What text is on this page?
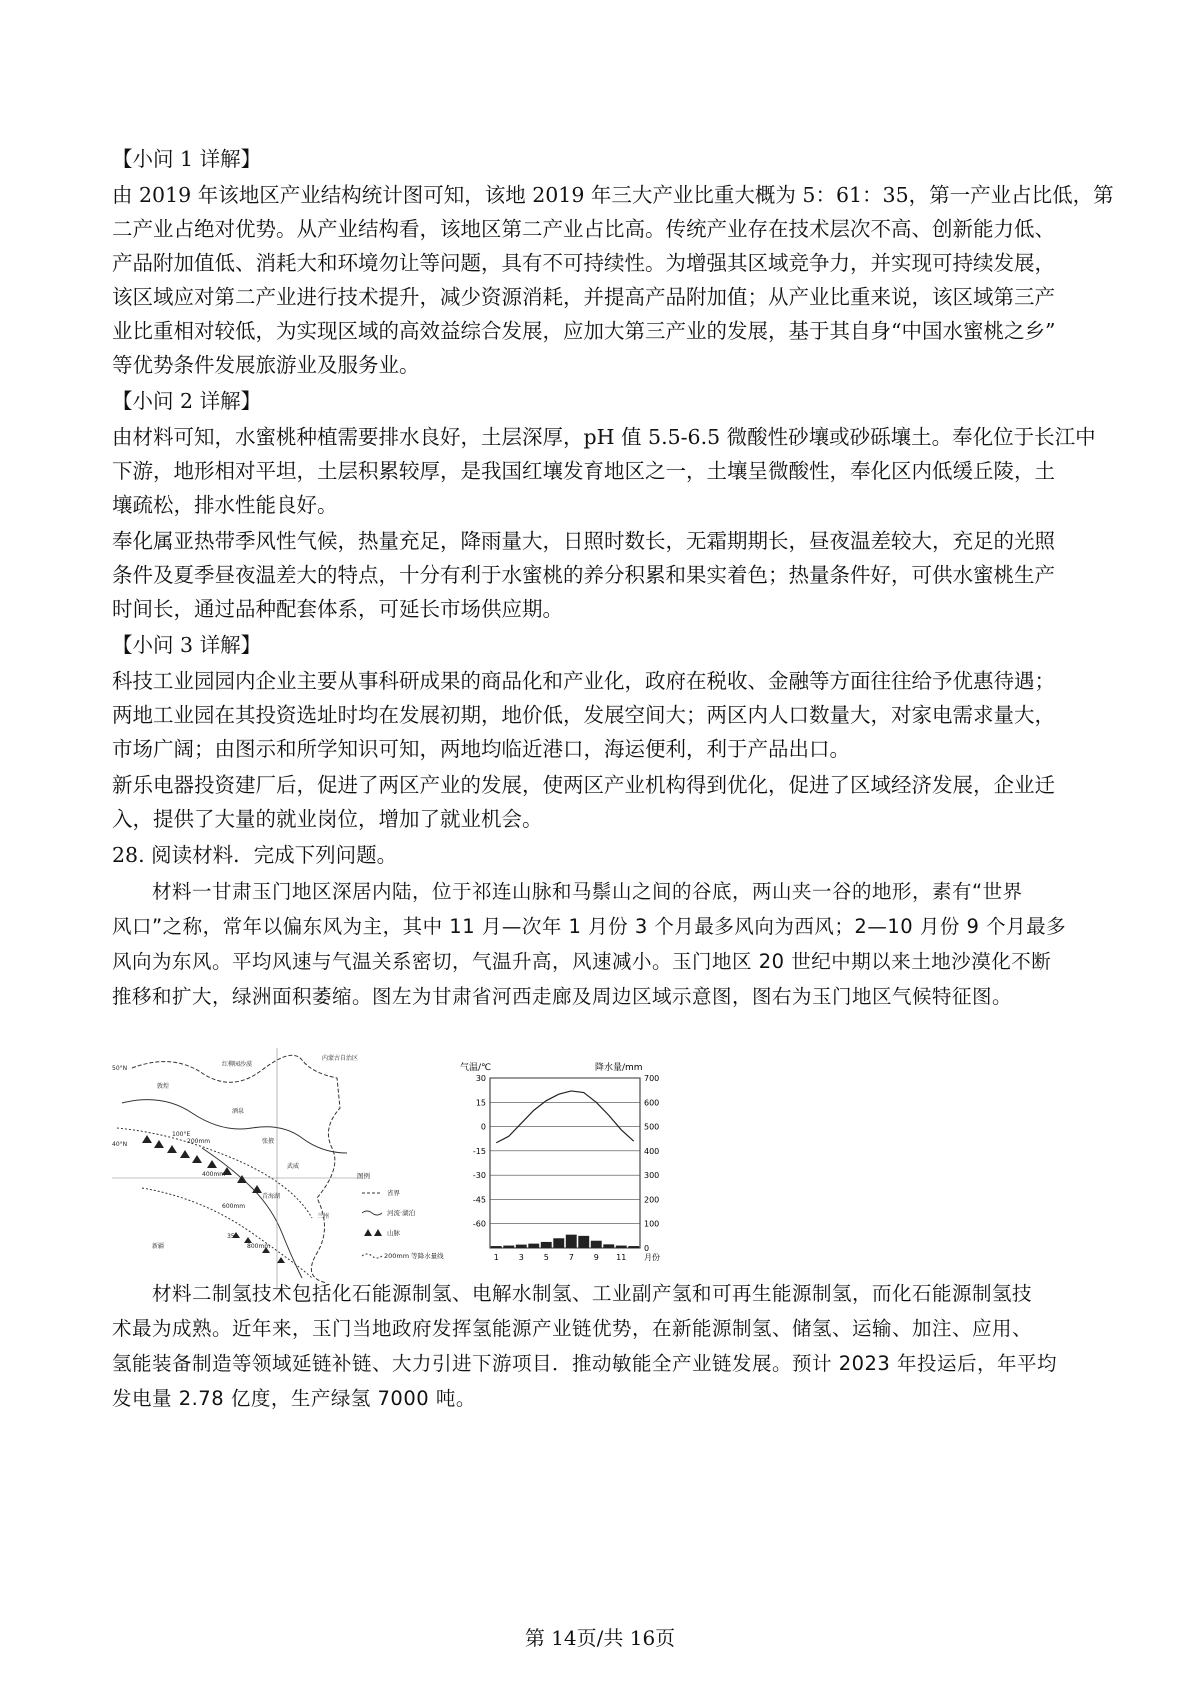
【小问 1 详解】
由 2019 年该地区产业结构统计图可知，该地 2019 年三大产业比重大概为 5：61：35，第一产业占比低，第
二产业占绝对优势。从产业结构看，该地区第二产业占比高。传统产业存在技术层次不高、创新能力低、
产品附加值低、消耗大和环境勿让等问题，具有不可持续性。为增强其区域竞争力，并实现可持续发展，
该区域应对第二产业进行技术提升，减少资源消耗，并提高产品附加值；从产业比重来说，该区域第三产
业比重相对较低，为实现区域的高效益综合发展，应加大第三产业的发展，基于其自身“中国水蜜桃之乡”
等优势条件发展旅游业及服务业。
【小问 2 详解】
由材料可知，水蜜桃种植需要排水良好，土层深厚，pH 值 5.5-6.5 微酸性砂壤或砂砾壤土。奉化位于长江中
下游，地形相对平坦，土层积累较厚，是我国红壤发育地区之一，土壤呈微酸性，奉化区内低缓丘陵，土
壤疏松，排水性能良好。
奉化属亚热带季风性气候，热量充足，降雨量大，日照时数长，无霜期期长，昼夜温差较大，充足的光照
条件及夏季昼夜温差大的特点，十分有利于水蜜桃的养分积累和果实着色；热量条件好，可供水蜜桃生产
时间长，通过品种配套体系，可延长市场供应期。
【小问 3 详解】
科技工业园园内企业主要从事科研成果的商品化和产业化，政府在税收、金融等方面往往给予优惠待遇；
两地工业园在其投资选址时均在发展初期，地价低，发展空间大；两区内人口数量大，对家电需求量大，
市场广阔；由图示和所学知识可知，两地均临近港口，海运便利，利于产品出口。
新乐电器投资建厂后，促进了两区产业的发展，使两区产业机构得到优化，促进了区域经济发展，企业迁
入，提供了大量的就业岗位，增加了就业机会。
28. 阅读材料．完成下列问题。
材料一甘肃玉门地区深居内陆，位于祁连山脉和马鬃山之间的谷底，两山夹一谷的地形，素有“世界
风口”之称，常年以偏东风为主，其中 11 月—次年 1 月份 3 个月最多风向为西风；2—10 月份 9 个月最多
风向为东风。平均风速与气温关系密切，气温升高，风速减小。玉门地区 20 世纪中期以来土地沙漠化不断
推移和扩大，绿洲面积萎缩。图左为甘肃省河西走廊及周边区域示意图，图右为玉门地区气候特征图。
材料二制氢技术包括化石能源制氢、电解水制氢、工业副产氢和可再生能源制氢，而化石能源制氢技
术最为成熟。近年来，玉门当地政府发挥氢能源产业链优势，在新能源制氢、储氢、运输、加注、应用、
氢能装备制造等领域延链补链、大力引进下游项目．推动敏能全产业链发展。预计 2023 年投运后，年平均
发电量 2.78 亿度，生产绿氢 7000 吨。
红柳园沙漠
内蒙古自治区
敦煌
酒泉
张掖
武威
兰州
青海湖
新疆
100°E
50°N
40°N	200mm
400mm
600mm
800mm
35°
图例
省界
河流·湖泊
山脉
200mm 等降水量线
30
15
0
-15
-30
-45
-60
700
600
500
400
300
200
100
0
1 3 5 7 9 11 月份
气温/℃	降水量/mm
第 14页/共 16页
